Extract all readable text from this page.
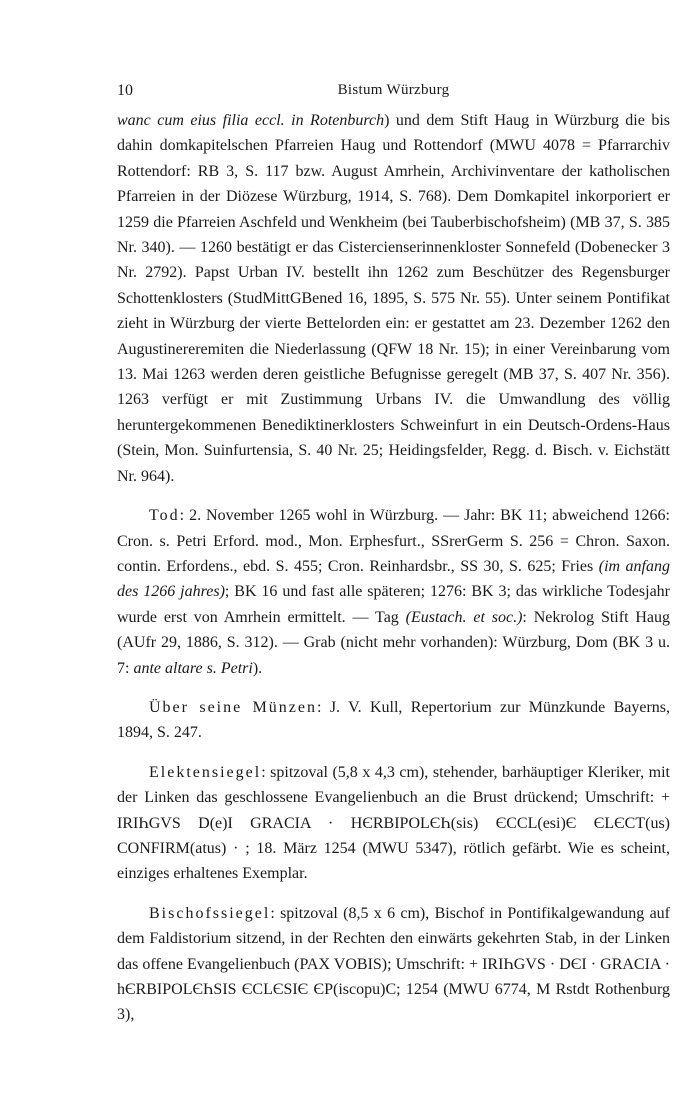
10	Bistum Würzburg

wanc cum eius filia eccl. in Rotenburch) und dem Stift Haug in Würzburg die bis dahin domkapitelschen Pfarreien Haug und Rottendorf (MWU 4078 = Pfarrarchiv Rottendorf: RB 3, S. 117 bzw. August Amrhein, Archivinventare der katholischen Pfarreien in der Diözese Würzburg, 1914, S. 768). Dem Domkapitel inkorporiert er 1259 die Pfarreien Aschfeld und Wenkheim (bei Tauberbischofsheim) (MB 37, S. 385 Nr. 340). — 1260 bestätigt er das Cistercienserinnenkloster Sonnefeld (Dobenecker 3 Nr. 2792). Papst Urban IV. bestellt ihn 1262 zum Beschützer des Regensburger Schottenklosters (StudMittGBened 16, 1895, S. 575 Nr. 55). Unter seinem Pontifikat zieht in Würzburg der vierte Bettelorden ein: er gestattet am 23. Dezember 1262 den Augustinereremiten die Niederlassung (QFW 18 Nr. 15); in einer Vereinbarung vom 13. Mai 1263 werden deren geistliche Befugnisse geregelt (MB 37, S. 407 Nr. 356). 1263 verfügt er mit Zustimmung Urbans IV. die Umwandlung des völlig heruntergekommenen Benediktinerklosters Schweinfurt in ein Deutsch-Ordens-Haus (Stein, Mon. Suinfurtensia, S. 40 Nr. 25; Heidingsfelder, Regg. d. Bisch. v. Eichstätt Nr. 964).

Tod: 2. November 1265 wohl in Würzburg. — Jahr: BK 11; abweichend 1266: Cron. s. Petri Erford. mod., Mon. Erphesfurt., SSrerGerm S. 256 = Chron. Saxon. contin. Erfordens., ebd. S. 455; Cron. Reinhardsbr., SS 30, S. 625; Fries (im anfang des 1266 jahres); BK 16 und fast alle späteren; 1276: BK 3; das wirkliche Todesjahr wurde erst von Amrhein ermittelt. — Tag (Eustach. et soc.): Nekrolog Stift Haug (AUfr 29, 1886, S. 312). — Grab (nicht mehr vorhanden): Würzburg, Dom (BK 3 u. 7: ante altare s. Petri).

Über seine Münzen: J. V. Kull, Repertorium zur Münzkunde Bayerns, 1894, S. 247.

Elektensiegel: spitzoval (5,8 x 4,3 cm), stehender, barhäuptiger Kleriker, mit der Linken das geschlossene Evangelienbuch an die Brust drückend; Umschrift: + IRIҺGVS D(e)I GRACIA · HЄRBIPOLЄҺ(sis) ЄCCL(esi)Є ЄLЄCT(us) CONFIRM(atus) · ; 18. März 1254 (MWU 5347), rötlich gefärbt. Wie es scheint, einziges erhaltenes Exemplar.

Bischofssiegel: spitzoval (8,5 x 6 cm), Bischof in Pontifikalgewandung auf dem Faldistorium sitzend, in der Rechten den einwärts gekehrten Stab, in der Linken das offene Evangelienbuch (PAX VOBIS); Umschrift: + IRIҺGVS · DЄI · GRACIA · hЄRBIPOLЄҺSIS ЄCLЄSIЄ ЄP(iscopu)C; 1254 (MWU 6774, M Rstdt Rothenburg 3),
